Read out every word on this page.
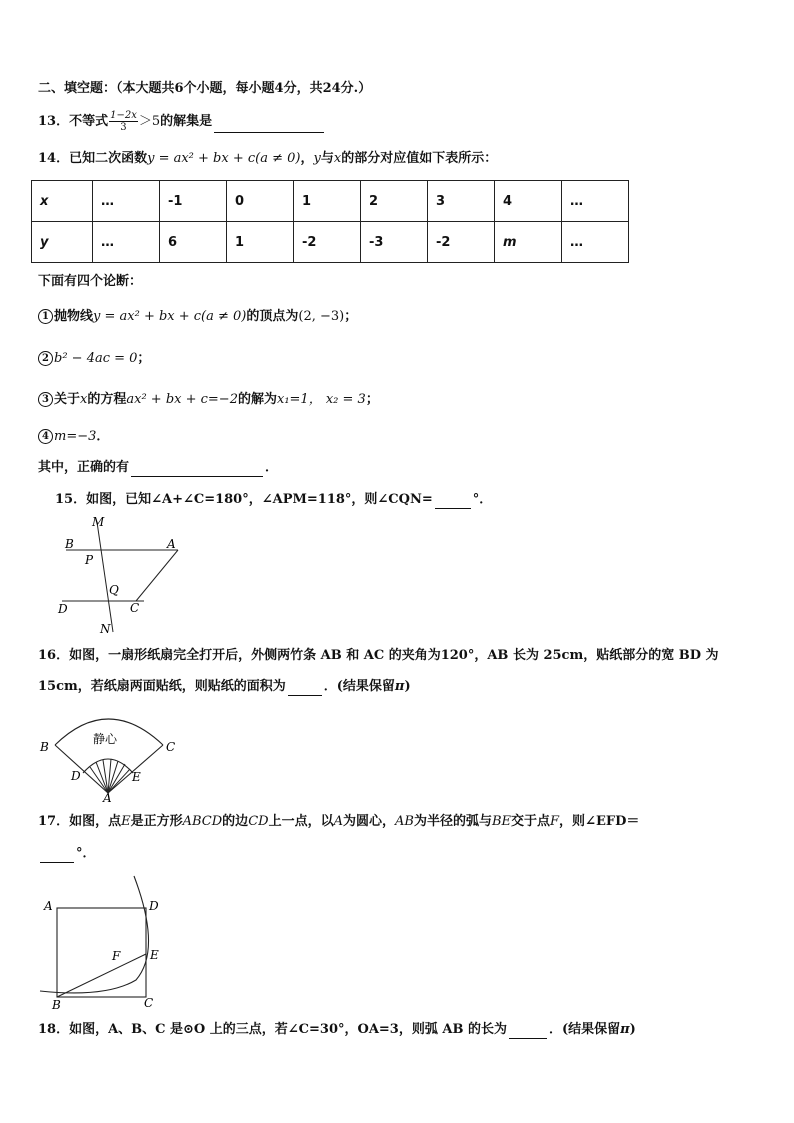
二、填空题：（本大题共6个小题，每小题4分，共24分.）
13．不等式 $\frac{1-2x}{3} >5$的解集是
14．已知二次函数y = ax² + bx + c(a ≠ 0)，y与x的部分对应值如下表所示：
x	…	-1	0	1	2	3	4	…
y	…	6	1	-2	-3	-2	m	…
下面有四个论断：
1 抛物线y = ax² + bx + c(a ≠ 0)的顶点为(2, −3)；
2 b² − 4ac = 0；
3 关于x的方程ax² + bx + c=−2的解为x₁=1， x₂ = 3；
4 m=−3．
其中，正确的有	．
15．如图，已知∠A+∠C=180°，∠APM=118°，则∠CQN=	°．
M
B	A
P
Q
D	C
N
16．如图，一扇形纸扇完全打开后，外侧两竹条 AB 和 AC 的夹角为120°，AB 长为 25cm，贴纸部分的宽 BD 为
15cm，若纸扇两面贴纸，则贴纸的面积为	．(结果保留π)
静心
B	C
D	E
A
17．如图，点E是正方形ABCD的边CD上一点，以A为圆心，AB为半径的弧与BE交于点F，则∠EFD＝
°．
A	D
F E
B	C
18．如图，A、B、C 是⊙O 上的三点，若∠C=30°，OA=3，则弧 AB 的长为	．(结果保留π)
